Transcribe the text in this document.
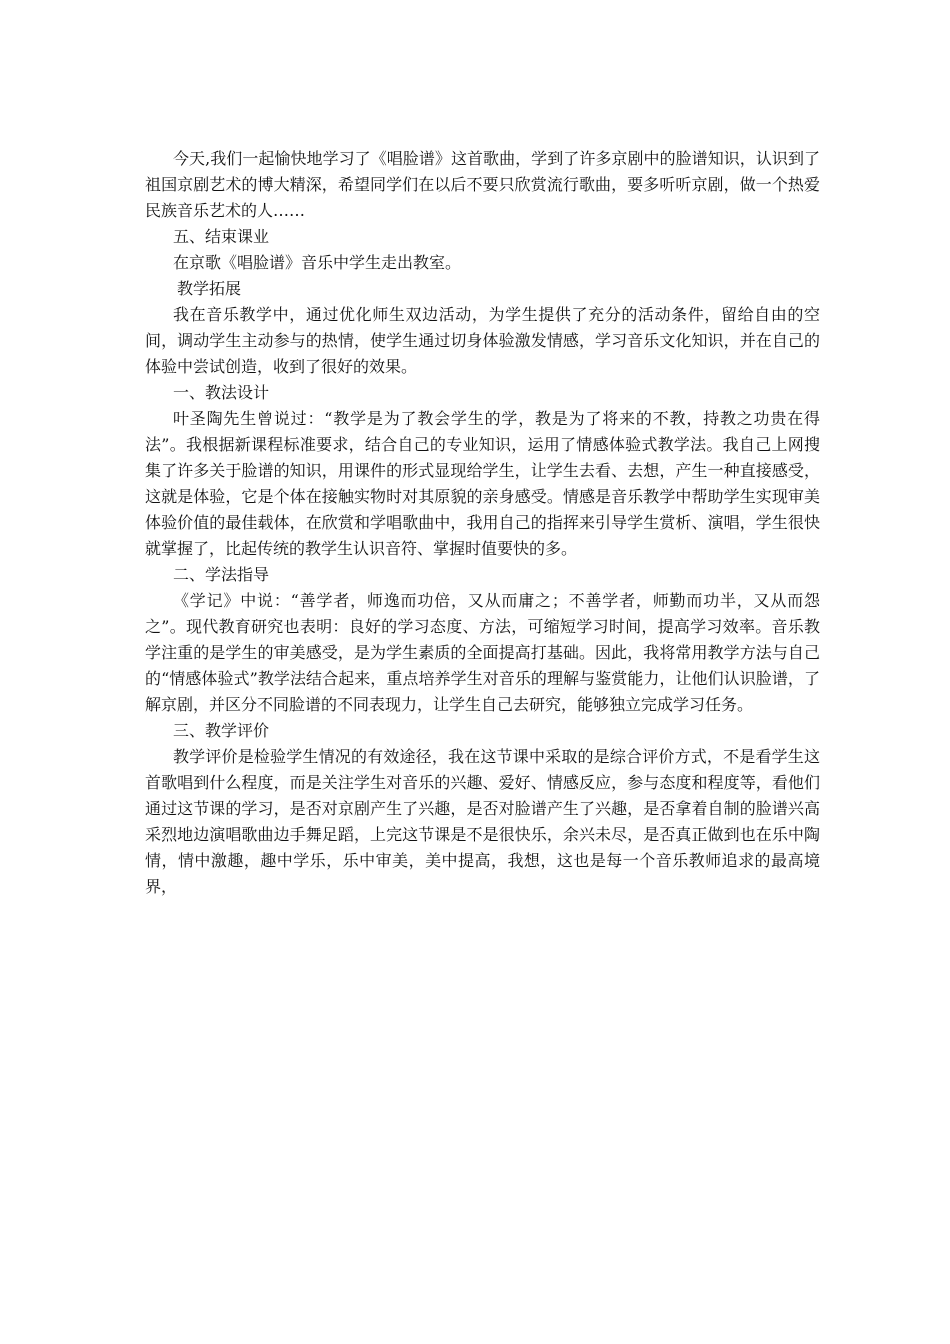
今天,我们一起愉快地学习了《唱脸谱》这首歌曲，学到了许多京剧中的脸谱知识，认识到了祖国京剧艺术的博大精深，希望同学们在以后不要只欣赏流行歌曲，要多听听京剧，做一个热爱民族音乐艺术的人……

五、结束课业

在京歌《唱脸谱》音乐中学生走出教室。

教学拓展

我在音乐教学中，通过优化师生双边活动，为学生提供了充分的活动条件，留给自由的空间，调动学生主动参与的热情，使学生通过切身体验激发情感，学习音乐文化知识，并在自己的体验中尝试创造，收到了很好的效果。

一、教法设计

叶圣陶先生曾说过：“教学是为了教会学生的学，教是为了将来的不教，持教之功贵在得法”。我根据新课程标准要求，结合自己的专业知识，运用了情感体验式教学法。我自己上网搜集了许多关于脸谱的知识，用课件的形式显现给学生，让学生去看、去想，产生一种直接感受，这就是体验，它是个体在接触实物时对其原貌的亲身感受。情感是音乐教学中帮助学生实现审美体验价值的最佳载体，在欣赏和学唱歌曲中，我用自己的指挥来引导学生赏析、演唱，学生很快就掌握了，比起传统的教学生认识音符、掌握时值要快的多。

二、学法指导

《学记》中说：“善学者，师逸而功倍，又从而庸之；不善学者，师勤而功半，又从而怨之”。现代教育研究也表明：良好的学习态度、方法，可缩短学习时间，提高学习效率。音乐教学注重的是学生的审美感受，是为学生素质的全面提高打基础。因此，我将常用教学方法与自己的“情感体验式”教学法结合起来，重点培养学生对音乐的理解与鉴赏能力，让他们认识脸谱，了解京剧，并区分不同脸谱的不同表现力，让学生自己去研究，能够独立完成学习任务。

三、教学评价

教学评价是检验学生情况的有效途径，我在这节课中采取的是综合评价方式，不是看学生这首歌唱到什么程度，而是关注学生对音乐的兴趣、爱好、情感反应，参与态度和程度等，看他们通过这节课的学习，是否对京剧产生了兴趣，是否对脸谱产生了兴趣，是否拿着自制的脸谱兴高采烈地边演唱歌曲边手舞足蹈，上完这节课是不是很快乐，余兴未尽，是否真正做到也在乐中陶情，情中激趣，趣中学乐，乐中审美，美中提高，我想，这也是每一个音乐教师追求的最高境界，
